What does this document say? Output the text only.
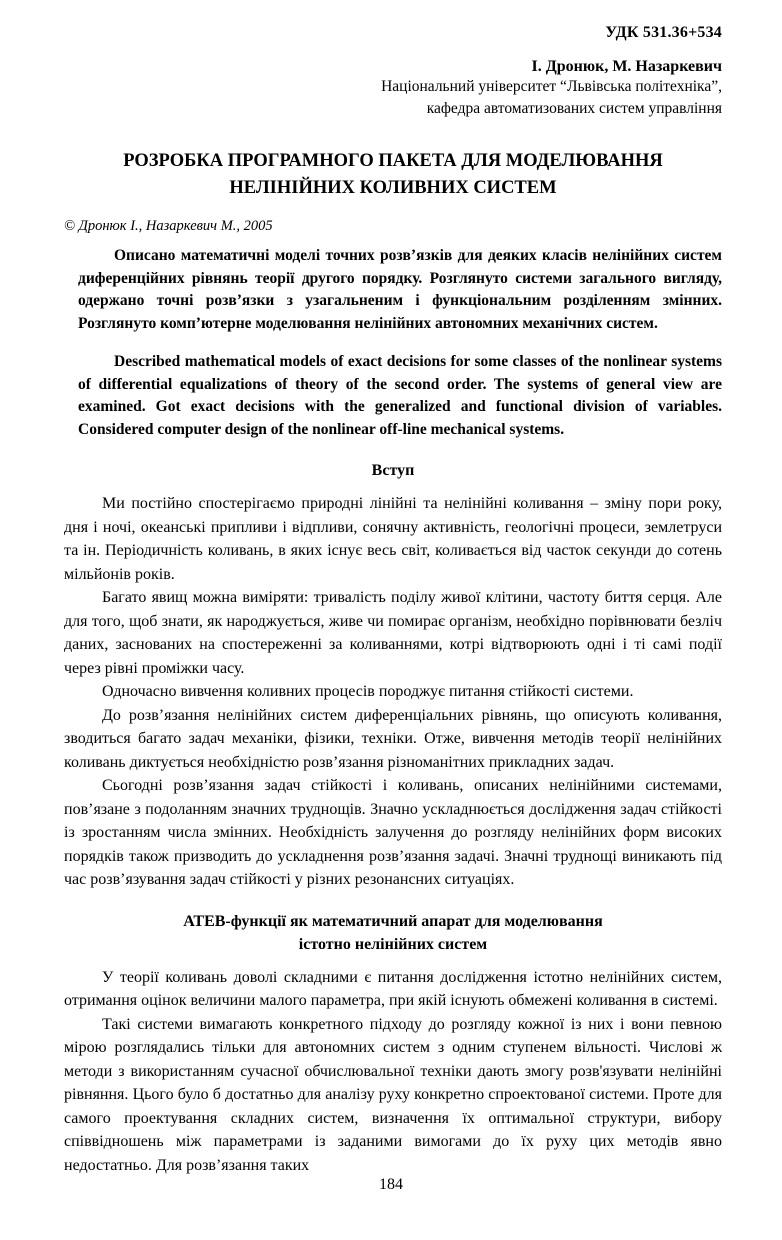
УДК 531.36+534
І. Дронюк, М. Назаркевич
Національний університет “Львівська політехніка”,
кафедра автоматизованих систем управління
РОЗРОБКА ПРОГРАМНОГО ПАКЕТА ДЛЯ МОДЕЛЮВАННЯ
НЕЛІНІЙНИХ КОЛИВНИХ СИСТЕМ
© Дронюк І., Назаркевич М., 2005

Описано математичні моделі точних розв’язків для деяких класів нелінійних систем диференційних рівнянь теорії другого порядку. Розглянуто системи загального вигляду, одержано точні розв’язки з узагальненим і функціональним розділенням змінних. Розглянуто комп’ютерне моделювання нелінійних автономних механічних систем.

Described mathematical models of exact decisions for some classes of the nonlinear systems of differential equalizations of theory of the second order. The systems of general view are examined. Got exact decisions with the generalized and functional division of variables. Considered computer design of the nonlinear off-line mechanical systems.

Вступ

Ми постійно спостерігаємо природні лінійні та нелінійні коливання – зміну пори року, дня і ночі, океанські припливи і відпливи, сонячну активність, геологічні процеси, землетруси та ін. Періодичність коливань, в яких існує весь світ, коливається від часток секунди до сотень мільйонів років.

Багато явищ можна виміряти: тривалість поділу живої клітини, частоту биття серця. Але для того, щоб знати, як народжується, живе чи помирає організм, необхідно порівнювати безліч даних, заснованих на спостереженні за коливаннями, котрі відтворюють одні і ті самі події через рівні проміжки часу.

Одночасно вивчення коливних процесів породжує питання стійкості системи.

До розв’язання нелінійних систем диференціальних рівнянь, що описують коливання, зводиться багато задач механіки, фізики, техніки. Отже, вивчення методів теорії нелінійних коливань диктується необхідністю розв’язання різноманітних прикладних задач.

Сьогодні розв’язання задач стійкості і коливань, описаних нелінійними системами, пов’язане з подоланням значних труднощів. Значно ускладнюється дослідження задач стійкості із зростанням числа змінних. Необхідність залучення до розгляду нелінійних форм високих порядків також призводить до ускладнення розв’язання задачі. Значні труднощі виникають під час розв’язування задач стійкості у різних резонансних ситуаціях.

АТЕВ-функції як математичний апарат для моделювання
істотно нелінійних систем

У теорії коливань доволі складними є питання дослідження істотно нелінійних систем, отримання оцінок величини малого параметра, при якій існують обмежені коливання в системі.

Такі системи вимагають конкретного підходу до розгляду кожної із них і вони певною мірою розглядались тільки для автономних систем з одним ступенем вільності. Числові ж методи з використанням сучасної обчислювальної техніки дають змогу розв'язувати нелінійні рівняння. Цього було б достатньо для аналізу руху конкретно спроектованої системи. Проте для самого проектування складних систем, визначення їх оптимальної структури, вибору співвідношень між параметрами із заданими вимогами до їх руху цих методів явно недостатньо. Для розв’язання таких

184
